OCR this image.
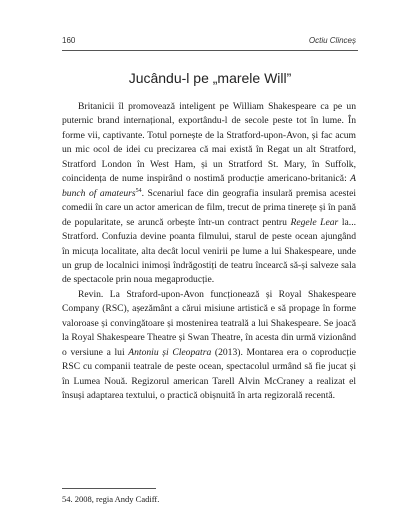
160	Octiu Clinceș
Jucându-l pe „marele Will”

Britanicii îl promovează inteligent pe William Shakespeare ca pe un puternic brand internațional, exportându-l de secole peste tot în lume. În forme vii, captivante. Totul pornește de la Stratford-upon-Avon, și fac acum un mic ocol de idei cu precizarea că mai există în Regat un alt Stratford, Stratford London în West Ham, și un Stratford St. Mary, în Suffolk, coincidența de nume inspirând o nostimă producție americano-britanică: A bunch of amateurs$^{54}$. Scenariul face din geografia insulară premisa acestei comedii în care un actor american de film, trecut de prima tinerețe și în pană de popularitate, se aruncă orbește într-un contract pentru Regele Lear la... Stratford. Confuzia devine poanta filmului, starul de peste ocean ajungând în micuța localitate, alta decât locul venirii pe lume a lui Shakespeare, unde un grup de localnici inimoși îndrăgostiți de teatru încearcă să-și salveze sala de spectacole prin noua megaproducție.

Revin. La Straford-upon-Avon funcționează și Royal Shakespeare Company (RSC), așezământ a cărui misiune artistică e să propage în forme valoroase și convingătoare și mostenirea teatrală a lui Shakespeare. Se joacă la Royal Shakespeare Theatre și Swan Theatre, în acesta din urmă vizionând o versiune a lui Antoniu și Cleopatra (2013). Montarea era o coproducție RSC cu companii teatrale de peste ocean, spectacolul urmând să fie jucat și în Lumea Nouă. Regizorul american Tarell Alvin McCraney a realizat el însuși adaptarea textului, o practică obișnuită în arta regizorală recentă.

54. 2008, regia Andy Cadiff.
